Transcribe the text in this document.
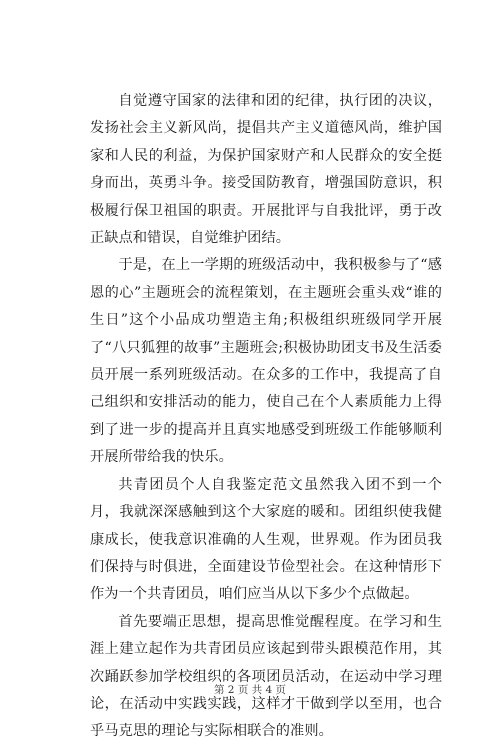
自觉遵守国家的法律和团的纪律，执行团的决议，发扬社会主义新风尚，提倡共产主义道德风尚，维护国家和人民的利益，为保护国家财产和人民群众的安全挺身而出，英勇斗争。接受国防教育，增强国防意识，积极履行保卫祖国的职责。开展批评与自我批评，勇于改正缺点和错误，自觉维护团结。

于是，在上一学期的班级活动中，我积极参与了“感恩的心”主题班会的流程策划，在主题班会重头戏“谁的生日”这个小品成功塑造主角;积极组织班级同学开展了“八只狐狸的故事”主题班会;积极协助团支书及生活委员开展一系列班级活动。在众多的工作中，我提高了自己组织和安排活动的能力，使自己在个人素质能力上得到了进一步的提高并且真实地感受到班级工作能够顺利开展所带给我的快乐。

共青团员个人自我鉴定范文虽然我入团不到一个月，我就深深感触到这个大家庭的暖和。团组织使我健康成长，使我意识准确的人生观，世界观。作为团员我们保持与时俱进，全面建设节俭型社会。在这种情形下作为一个共青团员，咱们应当从以下多少个点做起。

首先要端正思想，提高思惟觉醒程度。在学习和生涯上建立起作为共青团员应该起到带头跟模范作用，其次踊跃参加学校组织的各项团员活动，在运动中学习理论，在活动中实践实践，这样才干做到学以至用，也合乎马克思的理论与实际相联合的准则。

第 2 页 共 4 页
